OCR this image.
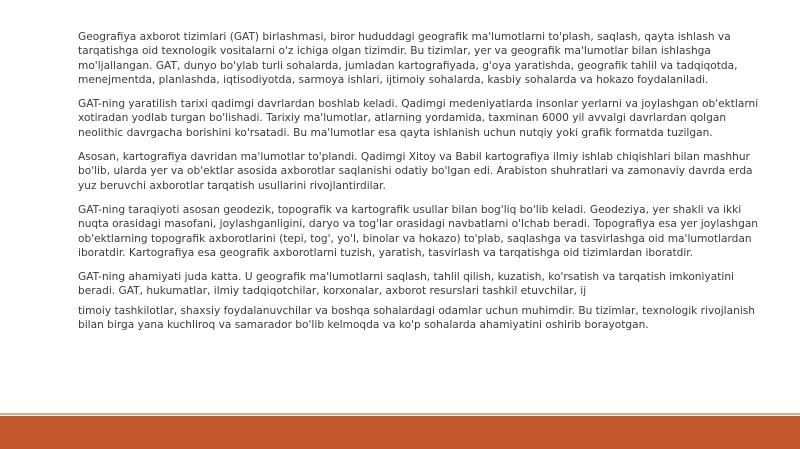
Geografiya axborot tizimlari (GAT) birlashmasi, biror hududdagi geografik ma'lumotlarni to'plash, saqlash, qayta ishlash va tarqatishga oid texnologik vositalarni o'z ichiga olgan tizimdir. Bu tizimlar, yer va geografik ma'lumotlar bilan ishlashga mo'ljallangan. GAT, dunyo bo'ylab turli sohalarda, jumladan kartografiyada, g'oya yaratishda, geografik tahlil va tadqiqotda, menejmentda, planlashda, iqtisodiyotda, sarmoya ishlari, ijtimoiy sohalarda, kasbiy sohalarda va hokazo foydalaniladi.

GAT-ning yaratilish tarixi qadimgi davrlardan boshlab keladi. Qadimgi medeniyatlarda insonlar yerlarni va joylashgan ob'ektlarni xotiradan yodlab turgan bo'lishadi. Tarixiy ma'lumotlar, atlarning yordamida, taxminan 6000 yil avvalgi davrlardan qolgan neolithic davrgacha borishini ko'rsatadi. Bu ma'lumotlar esa qayta ishlanish uchun nutqiy yoki grafik formatda tuzilgan.

Asosan, kartografiya davridan ma'lumotlar to'plandi. Qadimgi Xitoy va Babil kartografiya ilmiy ishlab chiqishlari bilan mashhur bo'lib, ularda yer va ob'ektlar asosida axborotlar saqlanishi odatiy bo'lgan edi. Arabiston shuhratlari va zamonaviy davrda erda yuz beruvchi axborotlar tarqatish usullarini rivojlantirdilar.

GAT-ning taraqiyoti asosan geodezik, topografik va kartografik usullar bilan bog'liq bo'lib keladi. Geodeziya, yer shakli va ikki nuqta orasidagi masofani, joylashganligini, daryo va tog'lar orasidagi navbatlarni o'lchab beradi. Topografiya esa yer joylashgan ob'ektlarning topografik axborotlarini (tepi, tog', yo'l, binolar va hokazo) to'plab, saqlashga va tasvirlashga oid ma'lumotlardan iboratdir. Kartografiya esa geografik axborotlarni tuzish, yaratish, tasvirlash va tarqatishga oid tizimlardan iboratdir.

GAT-ning ahamiyati juda katta. U geografik ma'lumotlarni saqlash, tahlil qilish, kuzatish, ko'rsatish va tarqatish imkoniyatini beradi. GAT, hukumatlar, ilmiy tadqiqotchilar, korxonalar, axborot resurslari tashkil etuvchilar, ij

timoiy tashkilotlar, shaxsiy foydalanuvchilar va boshqa sohalardagi odamlar uchun muhimdir. Bu tizimlar, texnologik rivojlanish bilan birga yana kuchliroq va samarador bo'lib kelmoqda va ko'p sohalarda ahamiyatini oshirib borayotgan.
